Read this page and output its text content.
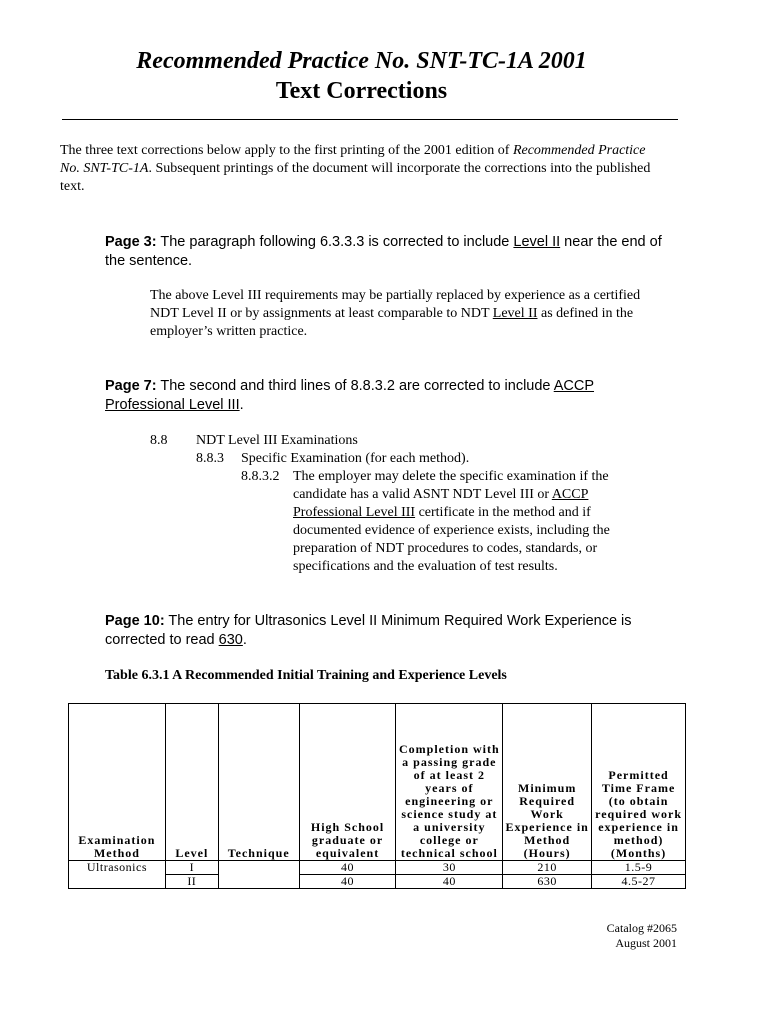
Recommended Practice No. SNT-TC-1A 2001
Text Corrections
The three text corrections below apply to the first printing of the 2001 edition of Recommended Practice No. SNT-TC-1A. Subsequent printings of the document will incorporate the corrections into the published text.
Page 3: The paragraph following 6.3.3.3 is corrected to include Level II near the end of the sentence.
The above Level III requirements may be partially replaced by experience as a certified NDT Level II or by assignments at least comparable to NDT Level II as defined in the employer’s written practice.
Page 7: The second and third lines of 8.8.3.2 are corrected to include ACCP Professional Level III.
8.8 NDT Level III Examinations
8.8.3 Specific Examination (for each method).
8.8.3.2 The employer may delete the specific examination if the candidate has a valid ASNT NDT Level III or ACCP Professional Level III certificate in the method and if documented evidence of experience exists, including the preparation of NDT procedures to codes, standards, or specifications and the evaluation of test results.
Page 10: The entry for Ultrasonics Level II Minimum Required Work Experience is corrected to read 630.
Table 6.3.1 A Recommended Initial Training and Experience Levels
Examination Method	Level	Technique	High School graduate or equivalent	Completion with a passing grade of at least 2 years of engineering or science study at a university college or technical school	Minimum Required Work Experience in Method (Hours)	Permitted Time Frame (to obtain required work experience in method) (Months)
Ultrasonics	I		40	30	210	1.5-9
	II		40	40	630	4.5-27
Catalog #2065
August 2001
